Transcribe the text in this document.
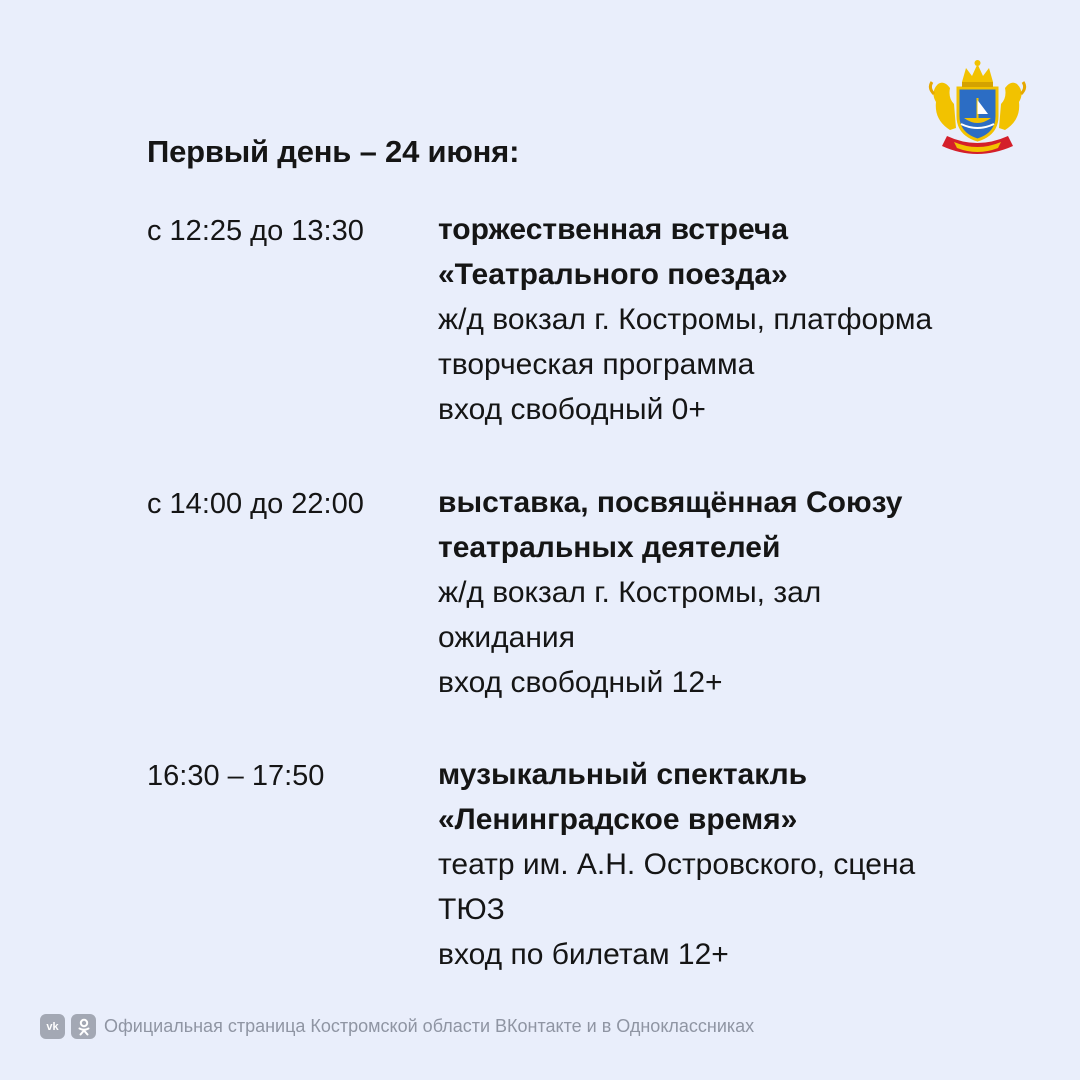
Первый день – 24 июня:
с 12:25 до 13:30 торжественная встреча
«Театрального поезда»
ж/д вокзал г. Костромы, платформа
творческая программа
вход свободный 0+
с 14:00 до 22:00 выставка, посвящённая Союзу
театральных деятелей
ж/д вокзал г. Костромы, зал
ожидания
вход свободный 12+
16:30 – 17:50	музыкальный спектакль
«Ленинградское время»
театр им. А.Н. Островского, сцена
ТЮЗ
вход по билетам 12+
vk	Официальная страница Костромской области ВКонтакте и в Одноклассниках
